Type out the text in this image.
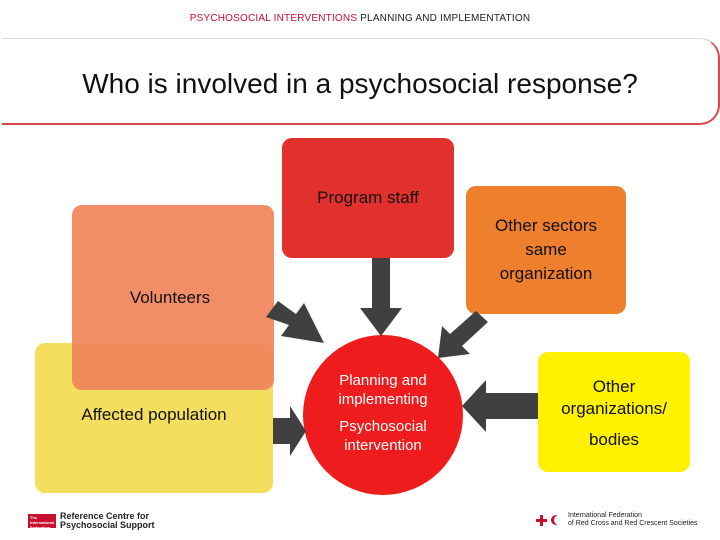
PSYCHOSOCIAL INTERVENTIONS PLANNING AND IMPLEMENTATION
Who is involved in a psychosocial response?
Program staff
Other sectors
same
organization
Volunteers
Affected population
Planning and
implementing
Psychosocial
intervention
Other
organizations/
bodies
The International Federation
Reference Centre for
Psychosocial Support
International Federation
of Red Cross and Red Crescent Societies
